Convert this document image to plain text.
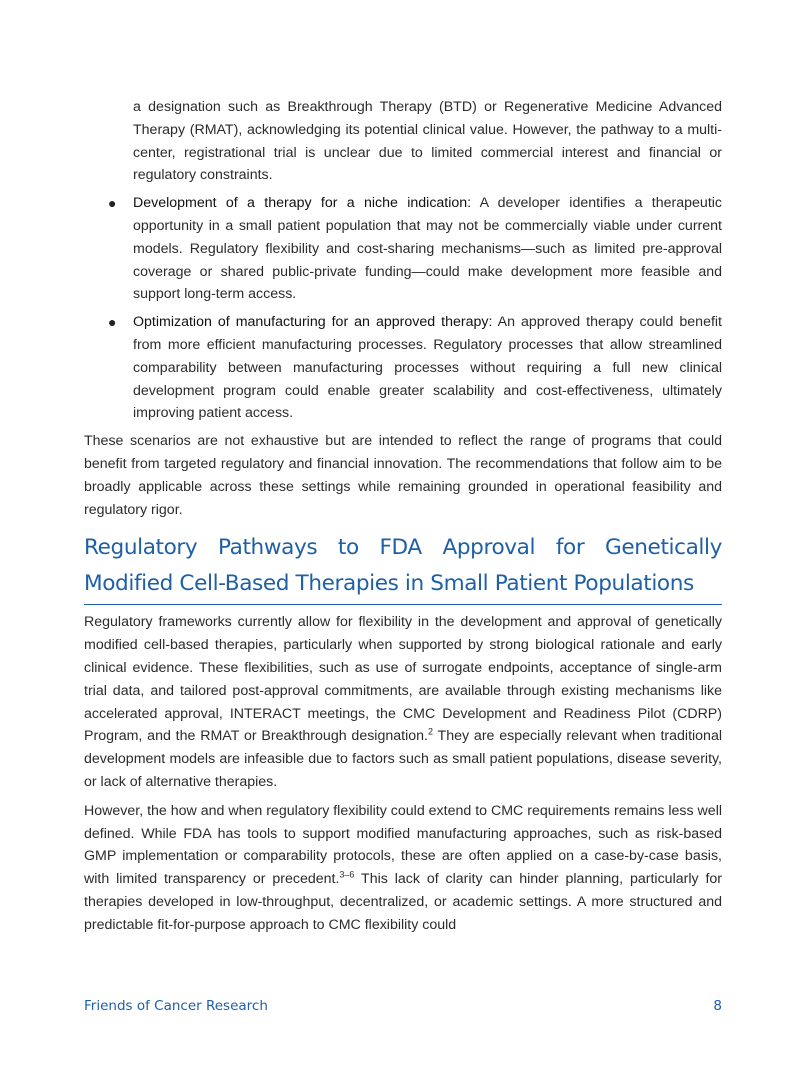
a designation such as Breakthrough Therapy (BTD) or Regenerative Medicine Advanced Therapy (RMAT), acknowledging its potential clinical value. However, the pathway to a multi-center, registrational trial is unclear due to limited commercial interest and financial or regulatory constraints.

● Development of a therapy for a niche indication: A developer identifies a therapeutic opportunity in a small patient population that may not be commercially viable under current models. Regulatory flexibility and cost-sharing mechanisms—such as limited pre-approval coverage or shared public-private funding—could make development more feasible and support long-term access.
● Optimization of manufacturing for an approved therapy: An approved therapy could benefit from more efficient manufacturing processes. Regulatory processes that allow streamlined comparability between manufacturing processes without requiring a full new clinical development program could enable greater scalability and cost-effectiveness, ultimately improving patient access.

These scenarios are not exhaustive but are intended to reflect the range of programs that could benefit from targeted regulatory and financial innovation. The recommendations that follow aim to be broadly applicable across these settings while remaining grounded in operational feasibility and regulatory rigor.

Regulatory Pathways to FDA Approval for Genetically Modified Cell-Based Therapies in Small Patient Populations

Regulatory frameworks currently allow for flexibility in the development and approval of genetically modified cell-based therapies, particularly when supported by strong biological rationale and early clinical evidence. These flexibilities, such as use of surrogate endpoints, acceptance of single-arm trial data, and tailored post-approval commitments, are available through existing mechanisms like accelerated approval, INTERACT meetings, the CMC Development and Readiness Pilot (CDRP) Program, and the RMAT or Breakthrough designation.$^2$ They are especially relevant when traditional development models are infeasible due to factors such as small patient populations, disease severity, or lack of alternative therapies.

However, the how and when regulatory flexibility could extend to CMC requirements remains less well defined. While FDA has tools to support modified manufacturing approaches, such as risk-based GMP implementation or comparability protocols, these are often applied on a case-by-case basis, with limited transparency or precedent.$^{3-6}$ This lack of clarity can hinder planning, particularly for therapies developed in low-throughput, decentralized, or academic settings. A more structured and predictable fit-for-purpose approach to CMC flexibility could

Friends of Cancer Research	8
